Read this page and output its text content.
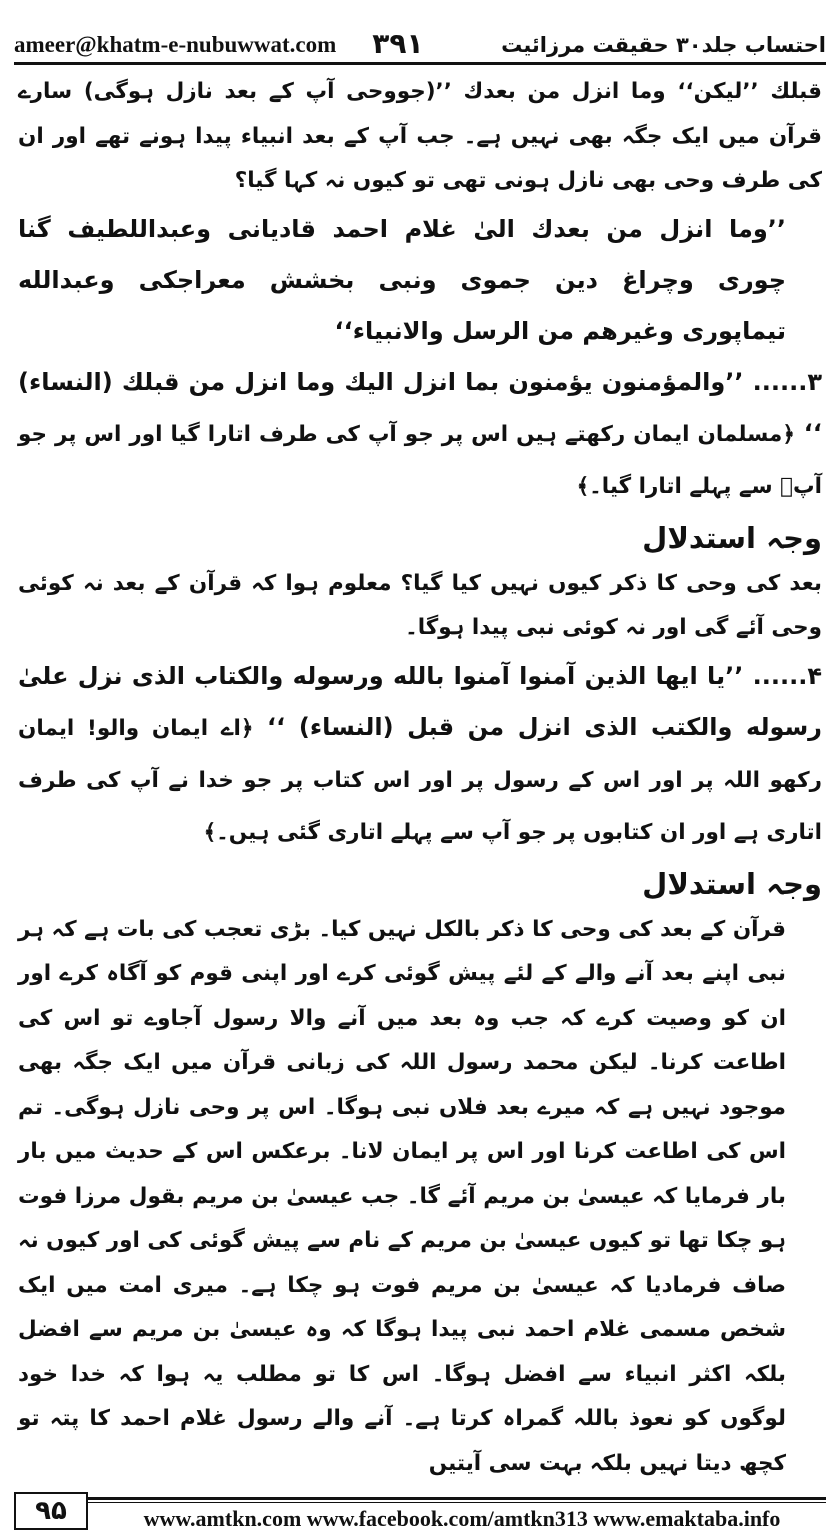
ameer@khatm-e-nubuwwat.com ۳۹۱	احتساب جلد۳۰ حقیقت مرزائیت

قبلك ’’لیکن‘‘ وما انزل من بعدك ’’(جووحی آپ کے بعد نازل ہوگی) سارے قرآن میں ایک جگہ بھی نہیں ہے۔ جب آپ کے بعد انبیاء پیدا ہونے تھے اور ان کی طرف وحی بھی نازل ہونی تھی تو کیوں نہ کہا گیا؟

’’وما انزل من بعدك الیٰ غلام احمد قادیانی وعبداللطیف گنا چوری وچراغ دین جموی ونبی بخشش معراجکی وعبدالله تیماپوری وغیرهم من الرسل والانبیاء‘‘

۳...... ’’والمؤمنون یؤمنون بما انزل الیك وما انزل من قبلك (النساء) ‘‘ ﴿مسلمان ایمان رکھتے ہیں اس پر جو آپ کی طرف اتارا گیا اور اس پر جو آپؐ سے پہلے اتارا گیا۔﴾

وجہ استدلال

بعد کی وحی کا ذکر کیوں نہیں کیا گیا؟ معلوم ہوا کہ قرآن کے بعد نہ کوئی وحی آئے گی اور نہ کوئی نبی پیدا ہوگا۔

۴...... ’’یا ایها الذین آمنوا آمنوا بالله ورسوله والکتاب الذی نزل علیٰ رسوله والکتب الذی انزل من قبل (النساء) ‘‘ ﴿اے ایمان والو! ایمان رکھو اللہ پر اور اس کے رسول پر اور اس کتاب پر جو خدا نے آپ کی طرف اتاری ہے اور ان کتابوں پر جو آپ سے پہلے اتاری گئی ہیں۔﴾

وجہ استدلال

قرآن کے بعد کی وحی کا ذکر بالکل نہیں کیا۔ بڑی تعجب کی بات ہے کہ ہر نبی اپنے بعد آنے والے کے لئے پیش گوئی کرے اور اپنی قوم کو آگاہ کرے اور ان کو وصیت کرے کہ جب وہ بعد میں آنے والا رسول آجاوے تو اس کی اطاعت کرنا۔ لیکن محمد رسول اللہ کی زبانی قرآن میں ایک جگہ بھی موجود نہیں ہے کہ میرے بعد فلاں نبی ہوگا۔ اس پر وحی نازل ہوگی۔ تم اس کی اطاعت کرنا اور اس پر ایمان لانا۔ برعکس اس کے حدیث میں بار بار فرمایا کہ عیسیٰ بن مریم آئے گا۔ جب عیسیٰ بن مریم بقول مرزا فوت ہو چکا تھا تو کیوں عیسیٰ بن مریم کے نام سے پیش گوئی کی اور کیوں نہ صاف فرمادیا کہ عیسیٰ بن مریم فوت ہو چکا ہے۔ میری امت میں ایک شخص مسمی غلام احمد نبی پیدا ہوگا کہ وہ عیسیٰ بن مریم سے افضل بلکہ اکثر انبیاء سے افضل ہوگا۔ اس کا تو مطلب یہ ہوا کہ خدا خود لوگوں کو نعوذ باللہ گمراہ کرتا ہے۔ آنے والے رسول غلام احمد کا پتہ تو کچھ دیتا نہیں بلکہ بہت سی آیتیں

۹۵	www.amtkn.com www.facebook.com/amtkn313 www.emaktaba.info
